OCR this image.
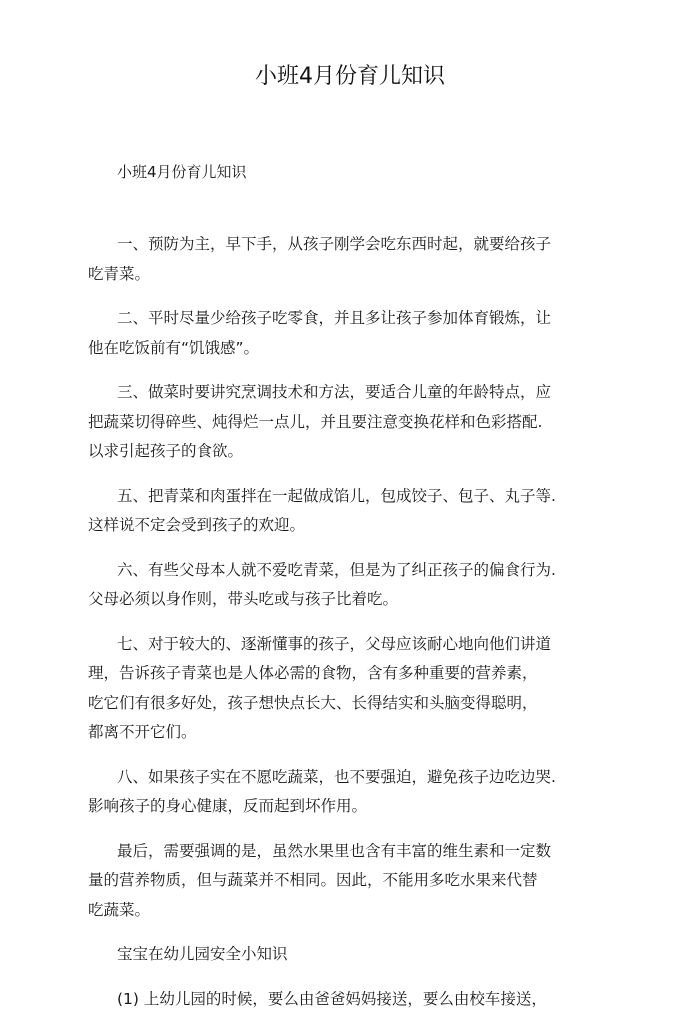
小班4月份育儿知识
小班4月份育儿知识
一、预防为主，早下手，从孩子刚学会吃东西时起，就要给孩子
吃青菜。
二、平时尽量少给孩子吃零食，并且多让孩子参加体育锻炼，让
他在吃饭前有“饥饿感”。
三、做菜时要讲究烹调技术和方法，要适合儿童的年龄特点，应
把蔬菜切得碎些、炖得烂一点儿，并且要注意变换花样和色彩搭配.
以求引起孩子的食欲。
五、把青菜和肉蛋拌在一起做成馅儿，包成饺子、包子、丸子等.
这样说不定会受到孩子的欢迎。
六、有些父母本人就不爱吃青菜，但是为了纠正孩子的偏食行为.
父母必须以身作则，带头吃或与孩子比着吃。
七、对于较大的、逐渐懂事的孩子，父母应该耐心地向他们讲道
理，告诉孩子青菜也是人体必需的食物，含有多种重要的营养素，
吃它们有很多好处，孩子想快点长大、长得结实和头脑变得聪明，
都离不开它们。
八、如果孩子实在不愿吃蔬菜，也不要强迫，避免孩子边吃边哭.
影响孩子的身心健康，反而起到坏作用。
最后，需要强调的是，虽然水果里也含有丰富的维生素和一定数
量的营养物质，但与蔬菜并不相同。因此，不能用多吃水果来代替
吃蔬菜。
宝宝在幼儿园安全小知识
(1) 上幼儿园的时候，要么由爸爸妈妈接送，要么由校车接送，
